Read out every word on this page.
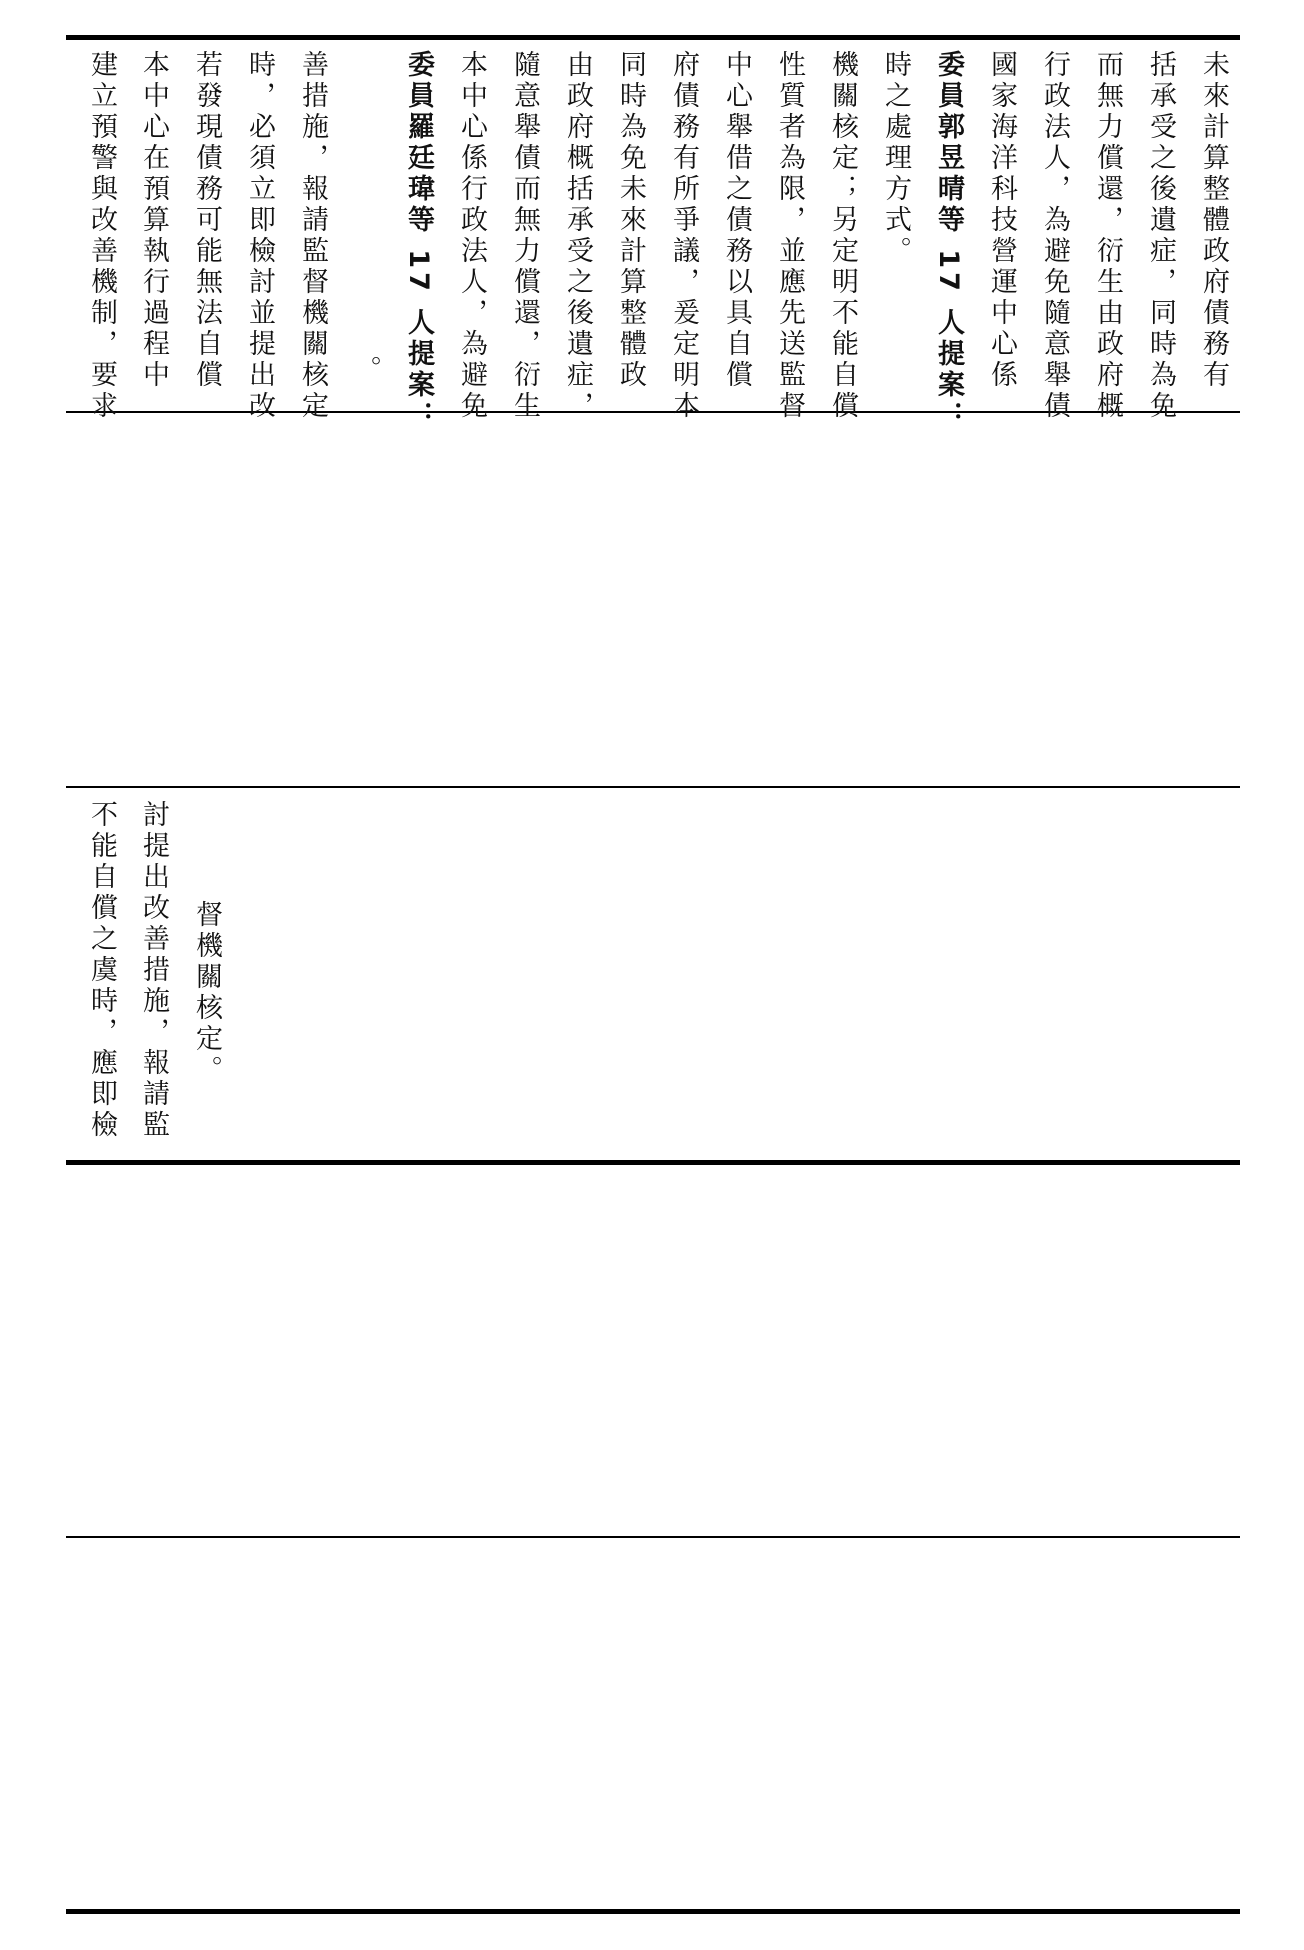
建立預警與改善機制，要求 本中心在預算執行過程中 若發現債務可能無法自償 時，必須立即檢討並提出改 善措施，報請監督機關核定 。 委員羅廷瑋等 17 人提案： 本中心係行政法人，為避免 隨意舉債而無力償還，衍生 由政府概括承受之後遺症， 同時為免未來計算整體政 府債務有所爭議，爰定明本 中心舉借之債務以具自償 性質者為限，並應先送監督 機關核定；另定明不能自償 時之處理方式。 委員郭昱晴等 17 人提案： 國家海洋科技營運中心係 行政法人，為避免隨意舉債 而無力償還，衍生由政府概 括承受之後遺症，同時為免 未來計算整體政府債務有
不能自償之虞時，應即檢 討提出改善措施，報請監 督機關核定。
